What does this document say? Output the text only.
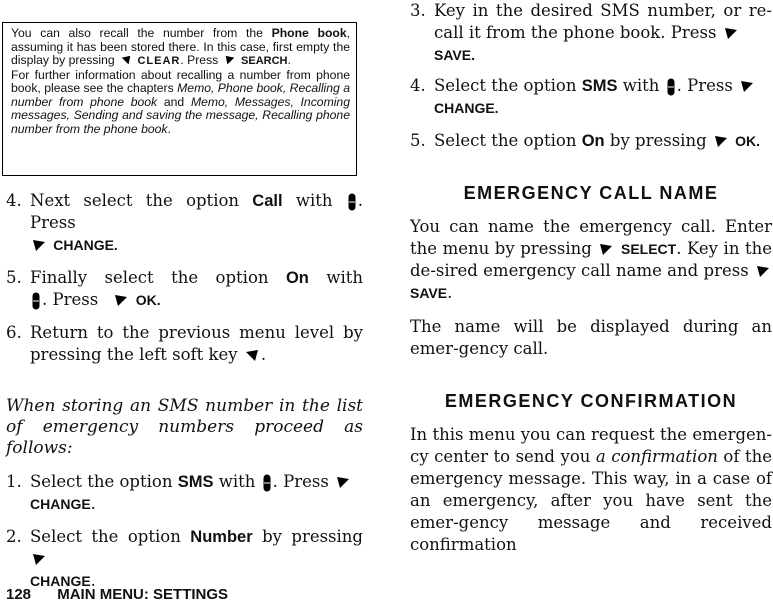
You can also recall the number from the Phone book, assuming it has been stored there. In this case, first empty the display by pressing CLEAR. Press SEARCH.

For further information about recalling a number from phone book, please see the chapters Memo, Phone book, Recalling a number from phone book and Memo, Messages, Incoming messages, Sending and saving the message, Recalling phone number from the phone book.

4. Next select the option Call with . Press

CHANGE.
5. Finally select the option On with
. Press	OK.
6. Return to the previous menu level by pressing the left soft key .
When storing an SMS number in the list of emergency numbers proceed as follows:
1. Select the option SMS with . Press

CHANGE.
2. Select the option Number by pressing

CHANGE.
3. Key in the desired SMS number, or re-call it from the phone book. Press

SAVE.
4. Select the option SMS with . Press

CHANGE.
5. Select the option On by pressing OK.
EMERGENCY CALL NAME

You can name the emergency call. Enter the menu by pressing SELECT. Key in the de-sired emergency call name and press
SAVE.

The name will be displayed during an emer-gency call.

EMERGENCY CONFIRMATION

In this menu you can request the emergen-cy center to send you a confirmation of the emergency message. This way, in a case of an emergency, after you have sent the emer-gency message and received confirmation

128 MAIN MENU: SETTINGS
